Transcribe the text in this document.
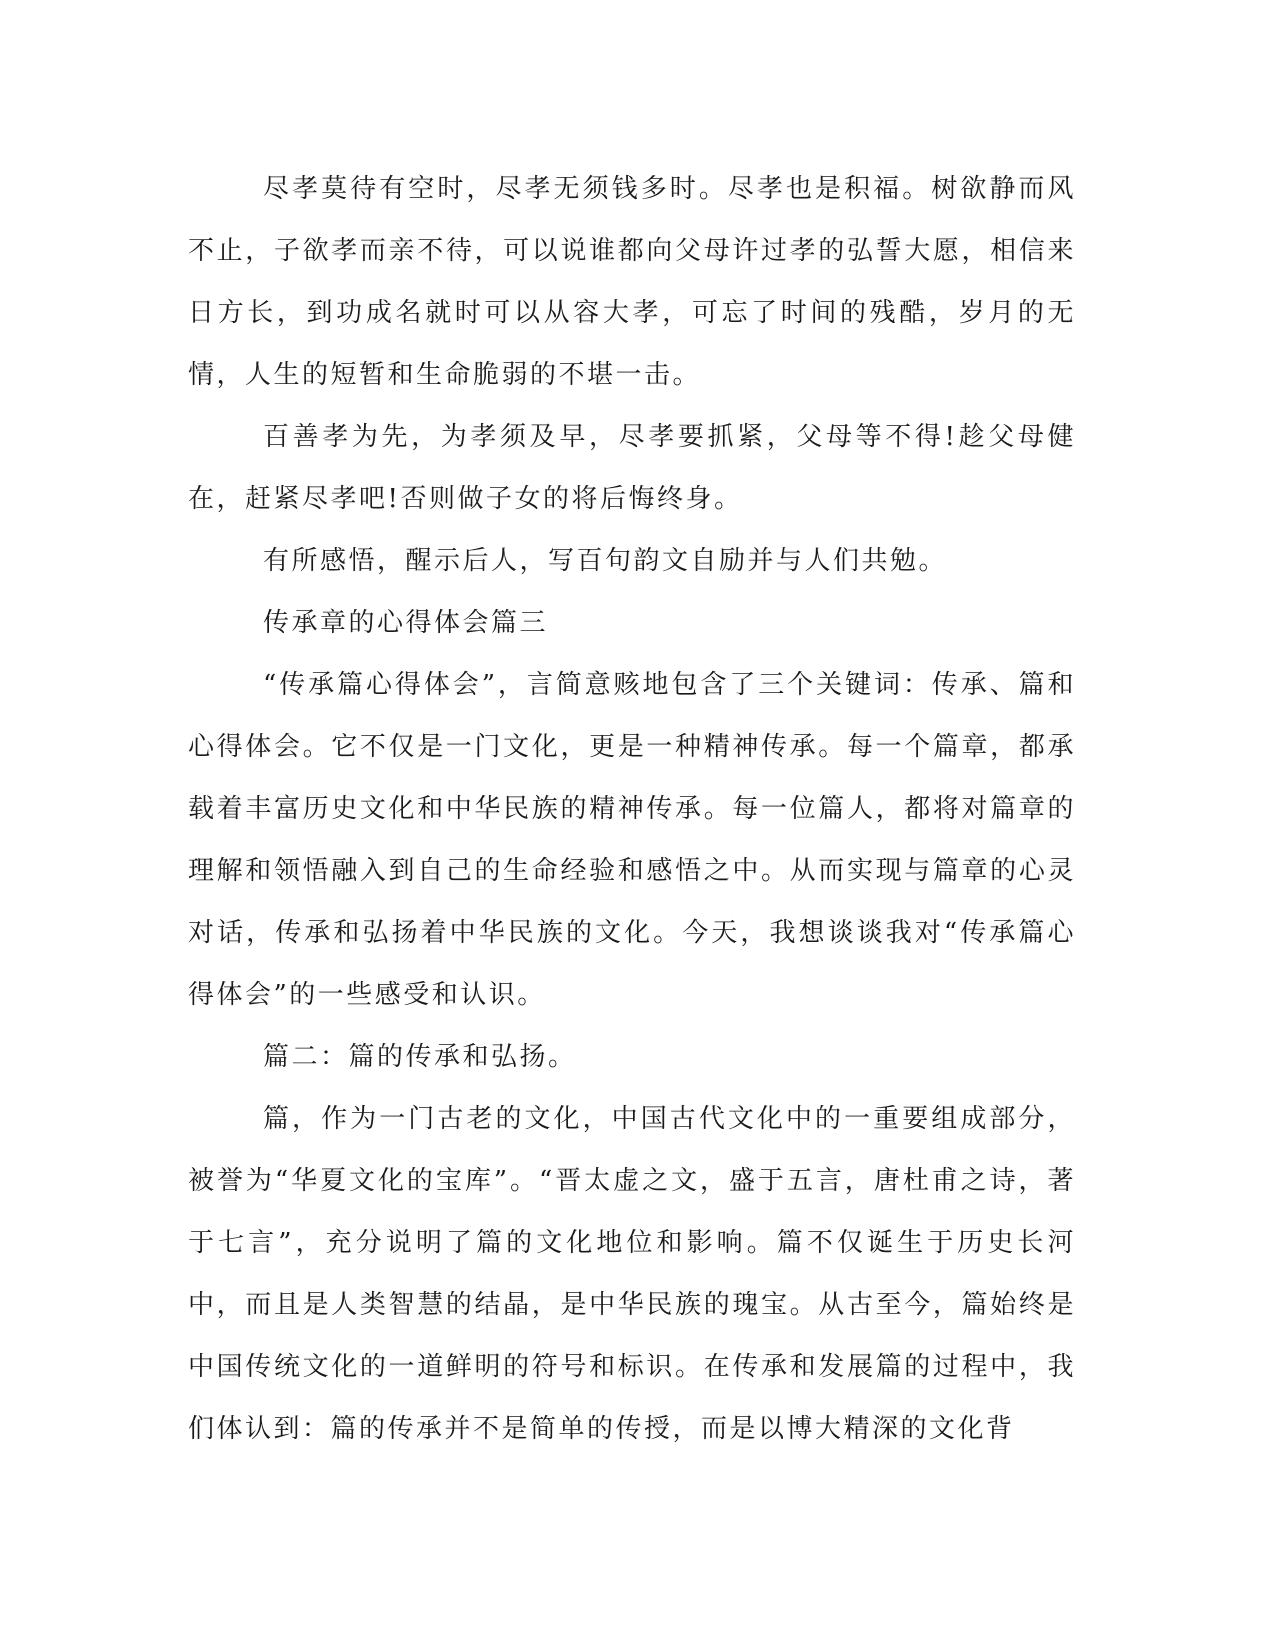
尽孝莫待有空时，尽孝无须钱多时。尽孝也是积福。树欲静而风不止，子欲孝而亲不待，可以说谁都向父母许过孝的弘誓大愿，相信来日方长，到功成名就时可以从容大孝，可忘了时间的残酷，岁月的无情，人生的短暂和生命脆弱的不堪一击。

百善孝为先，为孝须及早，尽孝要抓紧，父母等不得!趁父母健在，赶紧尽孝吧!否则做子女的将后悔终身。

有所感悟，醒示后人，写百句韵文自励并与人们共勉。

传承章的心得体会篇三

“传承篇心得体会”，言简意赅地包含了三个关键词：传承、篇和心得体会。它不仅是一门文化，更是一种精神传承。每一个篇章，都承载着丰富历史文化和中华民族的精神传承。每一位篇人，都将对篇章的理解和领悟融入到自己的生命经验和感悟之中。从而实现与篇章的心灵对话，传承和弘扬着中华民族的文化。今天，我想谈谈我对“传承篇心得体会”的一些感受和认识。

篇二：篇的传承和弘扬。

篇，作为一门古老的文化，中国古代文化中的一重要组成部分，被誉为“华夏文化的宝库”。“晋太虚之文，盛于五言，唐杜甫之诗，著于七言”，充分说明了篇的文化地位和影响。篇不仅诞生于历史长河中，而且是人类智慧的结晶，是中华民族的瑰宝。从古至今，篇始终是中国传统文化的一道鲜明的符号和标识。在传承和发展篇的过程中，我们体认到：篇的传承并不是简单的传授，而是以博大精深的文化背
